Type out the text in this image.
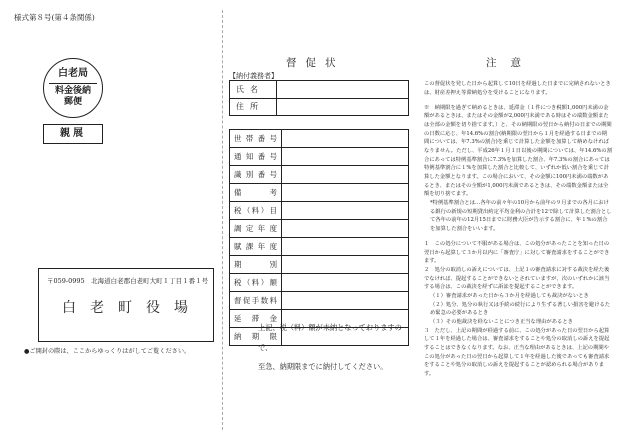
様式第８号(第４条関係)
白老局
料金後納
郵便
親展
〒059-0995　北海道白老郡白老町大町１丁目１番１号
白老町役場
●ご開封の際は、ここからゆっくりはがしてご覧ください。
督促状	注意
【納付義務者】
氏名	
住所	
世帯番号	
通知番号	
識別番号	
備考	
税（料）目	
調定年度	
賦課年度	
期別	
税（料）額	
督促手数料	
延滞金	
納期限	
上記、税（料）額が未納となっておりますので、
至急、納期限までに納付してください。

この督促状を発した日から起算して10日を経過した日までに完納されないときは、財産差押え等滞納処分を受けることになります。

※　納期限を過ぎて納めるときは、延滞金（１件につき税額1,000円未満の金額があるときは、またはその金額が2,000円未満である時はその端数金額または全部の金額を切り捨てます。）と、その納期限の翌日から納付の日までの期間の日数に応じ、年14.6%の割合(納期限の翌日から１月を経過する日までの期間については、年7.3%の割合)を乗じて計算した金額を加算して納めなければなりません。ただし、平成26年１月１日以後の期間については、年14.6%の割合にあっては特例基準割合に7.3%を加算した割合、年7.3%の割合にあっては特例基準割合に１%を加算した割合と比較して、いずれか低い割合を乗じて計算した金額となります。この場合において、その金額に100円未満の端数があるとき、またはその全額が1,000円未満であるときは、その端数金額または全額を切り捨てます。

*特例基準割合とは…各年の前々年の10月から前年の９月までの各月における銀行の新規の短期貸出約定平均金利の合計を12で除して計算した割合として各年の前年の12月15日までに財務大臣が告示する割合に、年１%の割合を加算した割合をいいます。

１　この処分について不服がある場合は、この処分があったことを知った日の翌日から起算して３か月以内に「審査庁」に対して審査請求をすることができます。

２　処分の取消しの訴えについては、上記１の審査請求に対する裁決を経た後でなければ、提起することができないとされていますが、次のいずれかに該当する場合は、この裁決を経ずに訴訟を提起することができます。

（１）審査請求があった日から３か月を経過しても裁決がないとき

（２）処分、処分の執行又は手続の続行により生ずる著しい損害を避けるため緊急の必要があるとき

（３）その他裁決を経ないことにつき正当な理由があるとき

３　ただし、上記の期間が経過する前に、この処分があった日の翌日から起算して１年を経過した場合は、審査請求をすることや処分の取消しの訴えを提起することはできなくなります。なお、正当な理由があるときは、上記の期間やこの処分があった日の翌日から起算して１年を経過した後であっても審査請求をすることや処分の取消しの訴えを提起することが認められる場合があります。
